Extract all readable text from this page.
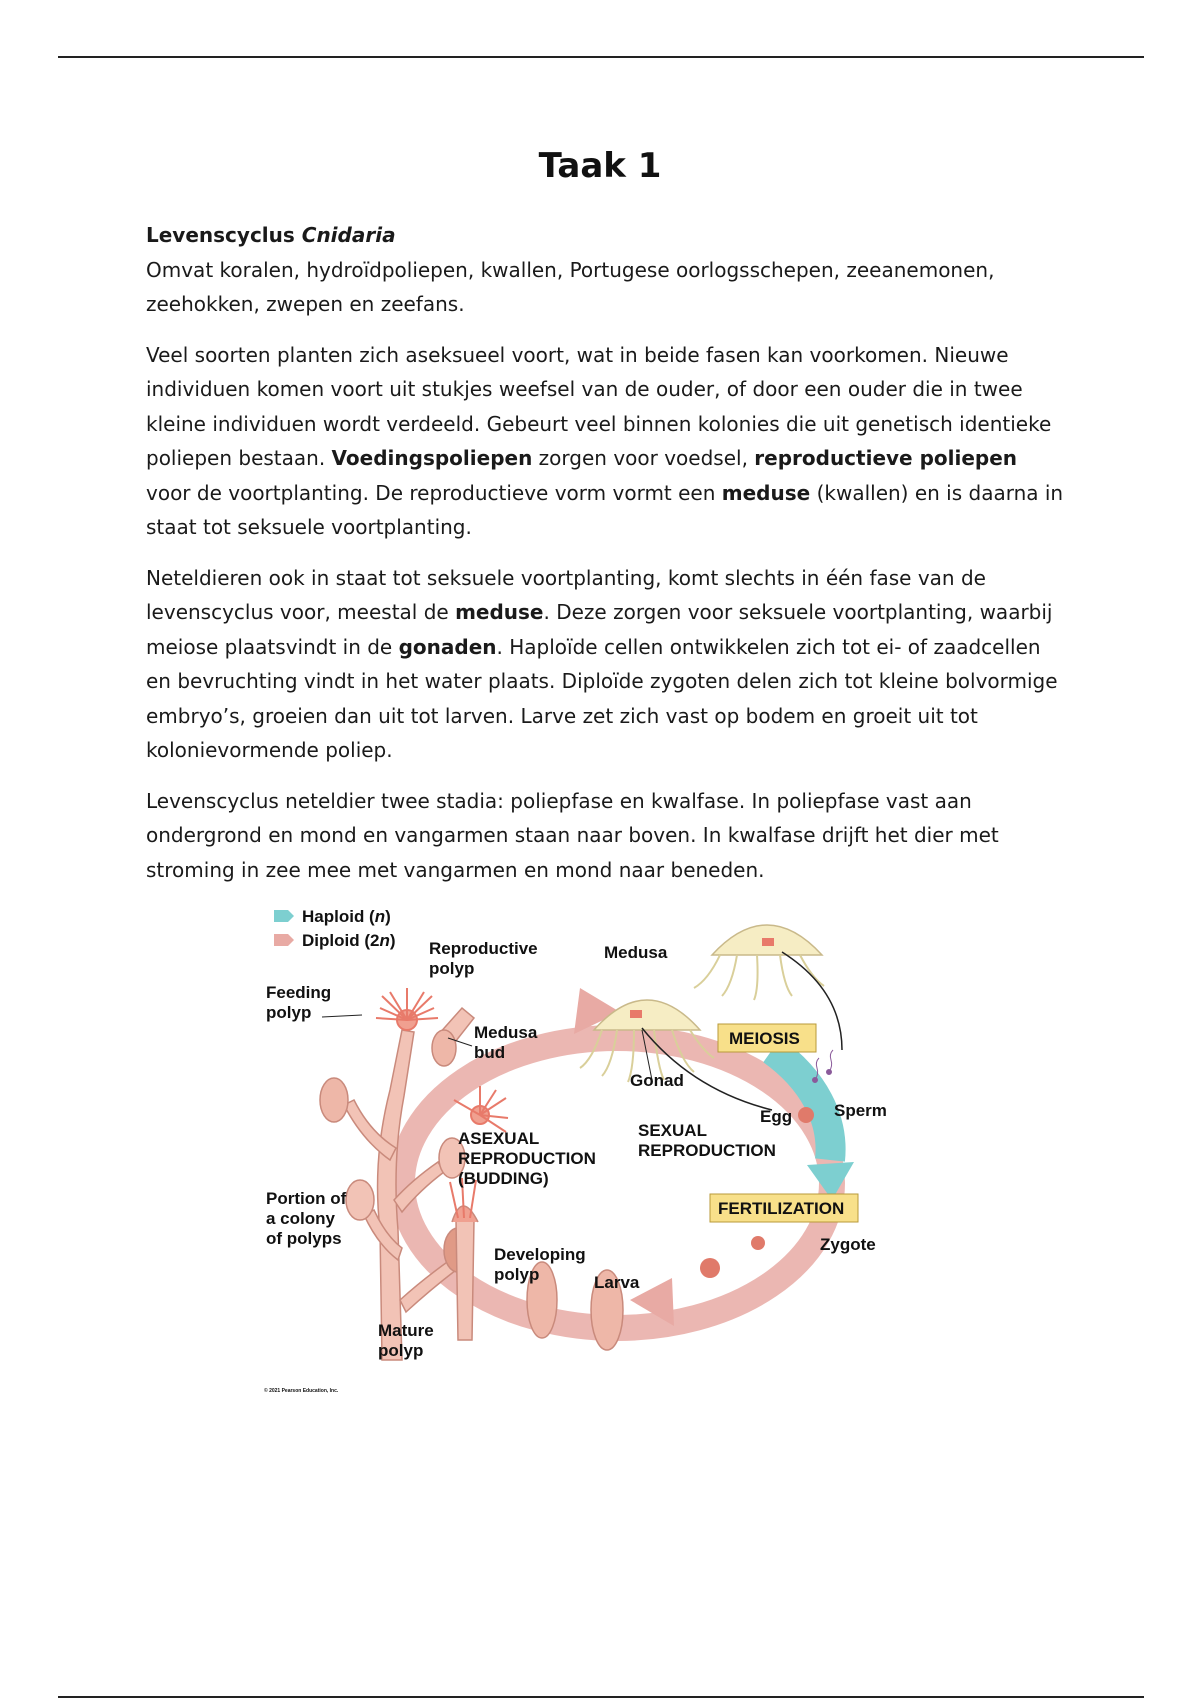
Taak 1

Levenscyclus Cnidaria
Omvat koralen, hydroïdpoliepen, kwallen, Portugese oorlogsschepen, zeeanemonen, zeehokken, zwepen en zeefans.

Veel soorten planten zich aseksueel voort, wat in beide fasen kan voorkomen. Nieuwe individuen komen voort uit stukjes weefsel van de ouder, of door een ouder die in twee kleine individuen wordt verdeeld. Gebeurt veel binnen kolonies die uit genetisch identieke poliepen bestaan. Voedingspoliepen zorgen voor voedsel, reproductieve poliepen voor de voortplanting. De reproductieve vorm vormt een meduse (kwallen) en is daarna in staat tot seksuele voortplanting.

Neteldieren ook in staat tot seksuele voortplanting, komt slechts in één fase van de levenscyclus voor, meestal de meduse. Deze zorgen voor seksuele voortplanting, waarbij meiose plaatsvindt in de gonaden. Haploïde cellen ontwikkelen zich tot ei- of zaadcellen en bevruchting vindt in het water plaats. Diploïde zygoten delen zich tot kleine bolvormige embryo’s, groeien dan uit tot larven. Larve zet zich vast op bodem en groeit uit tot kolonievormende poliep.

Levenscyclus neteldier twee stadia: poliepfase en kwalfase. In poliepfase vast aan ondergrond en mond en vangarmen staan naar boven. In kwalfase drijft het dier met stroming in zee mee met vangarmen en mond naar beneden.

Haploid (n)
Diploid (2n) Reproductive
polyp
Medusa
Feeding
polyp
Medusa
bud
MEIOSIS
Gonad
Egg Sperm
SEXUAL
REPRODUCTION
ASEXUAL
REPRODUCTION
(BUDDING)
Portion of
a colony
of polyps
FERTILIZATION
Zygote
Developing
polyp	Larva
Mature
polyp
© 2021 Pearson Education, Inc.
